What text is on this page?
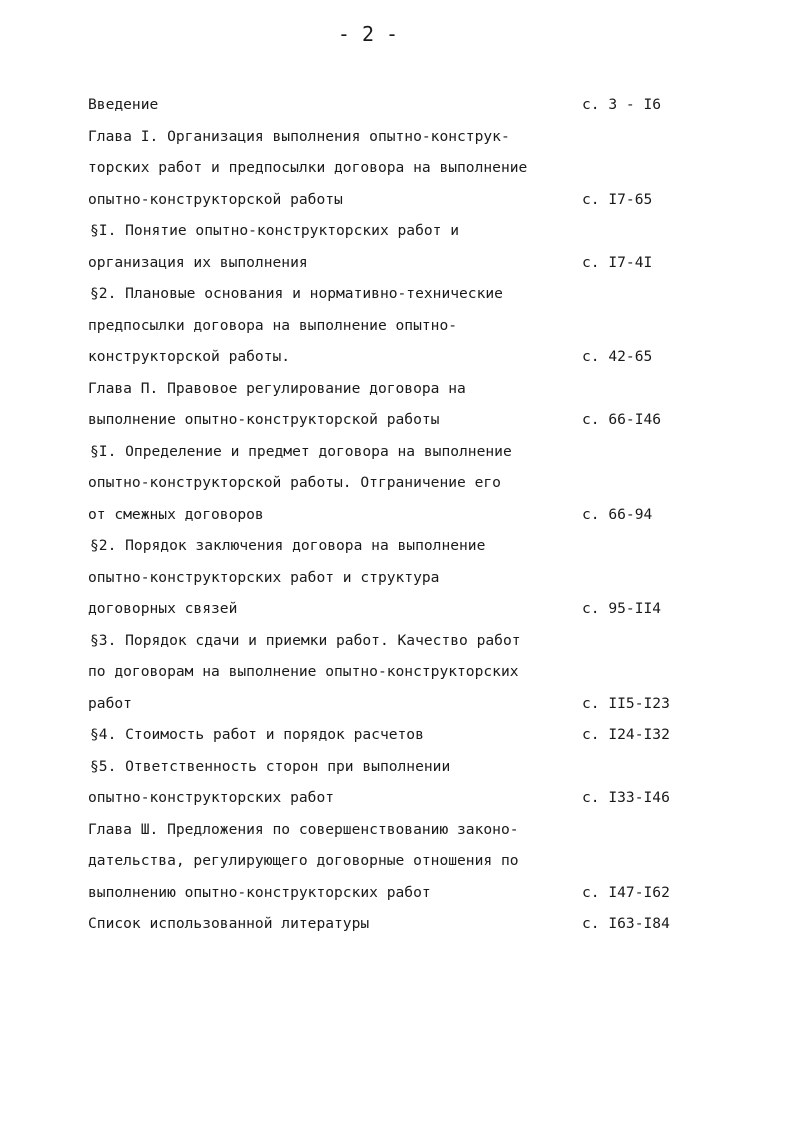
- 2 -
Введение	с. 3 - I6
Глава I. Организация выполнения опытно-конструк-
торских работ и предпосылки договора на выполнение
опытно-конструкторской работы	с. I7-65
§I. Понятие опытно-конструкторских работ и
организация их выполнения	с. I7-4I
§2. Плановые основания и нормативно-технические
предпосылки договора на выполнение опытно-
конструкторской работы.	с. 42-65
Глава П. Правовое регулирование договора на
выполнение опытно-конструкторской работы	с. 66-I46
§I. Определение и предмет договора на выполнение
опытно-конструкторской работы. Отграничение его
от смежных договоров	с. 66-94
§2. Порядок заключения договора на выполнение
опытно-конструкторских работ и структура
договорных связей	с. 95-II4
§3. Порядок сдачи и приемки работ. Качество работ
по договорам на выполнение опытно-конструкторских
работ	с. II5-I23
§4. Стоимость работ и порядок расчетов	с. I24-I32
§5. Ответственность сторон при выполнении
опытно-конструкторских работ	с. I33-I46
Глава Ш. Предложения по совершенствованию законо-
дательства, регулирующего договорные отношения по
выполнению опытно-конструкторских работ	с. I47-I62
Список использованной литературы	с. I63-I84
